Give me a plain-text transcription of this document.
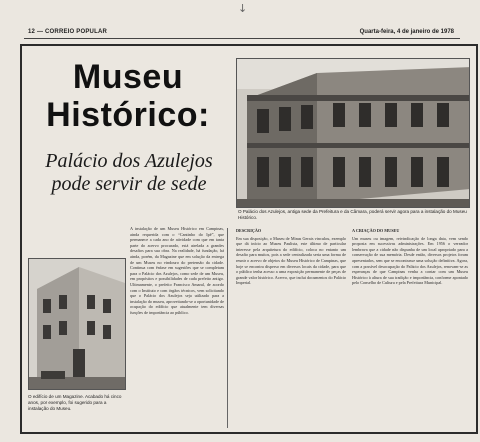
↓
12 — CORREIO POPULAR	Quarta-feira, 4 de janeiro de 1978
Museu
Histórico:
Palácio dos Azulejos
pode servir de sede
O Palácio dos Azulejos, antiga sede da Prefeitura e da Câmara, poderá servir agora para a instalação do Museu Histórico.
O edifício de um Magazine. Acabado há cinco anos, por exemplo, foi sugerido para a instalação do Museu.
A instalação de um Museu Histórico em Campinas, ainda requerida com o “Cantinho do Ipê”, que permanece a cada ano de atividade com que em tanta parte do acervo procurado, está atrelada a grandes desafios para sua obra. Na realidade, há fundação, há ainda, porém, da Magazine que em solução da entrega de um Museu no vindouro do pretensão da cidade. Continua com ênfase em sugestões que se completam para o Palácio dos Azulejos, como sede de um Museu, em propósitos e possibilidades de cada prefeito antigo. Ultimamente, o prefeito Francisco Amaral, de acordo com o Instituto e com órgãos técnicos, vem solicitando que o Palácio dos Azulejos seja utilizado para a instalação do museu, aproveitando-se a oportunidade de ocupação do edifício que atualmente tem diversas funções de importância ao público.
DESCRIÇÃO
Em sua disposição, o Museu de Minas Gerais vinculou, exemplo que dá início ao Museu Paulista, este último de particular interesse pela arquitetura do edifício, coloca no entanto um desafio para muitos, pois a sede centralizada seria uma forma de reunir o acervo de objetos do Museu Histórico de Campinas, que hoje se encontra disperso em diversos locais da cidade, para que o público tenha acesso a uma exposição permanente de peças de grande valor histórico. Acervo, que inclui documentos do Palácio Imperial.
A CRIAÇÃO DO MUSEU
Um museu ou imagem, reivindicação de longa data, vem sendo proposta em sucessivas administrações. Em 1956 o vereador lembrava que a cidade não dispunha de um local apropriado para a conservação de sua memória. Desde então, diversos projetos foram apresentados, sem que se encontrasse uma solução definitiva. Agora, com a possível desocupação do Palácio dos Azulejos, renovam-se as esperanças de que Campinas venha a contar com um Museu Histórico à altura de sua tradição e importância, conforme apontado pelo Conselho de Cultura e pela Prefeitura Municipal.
